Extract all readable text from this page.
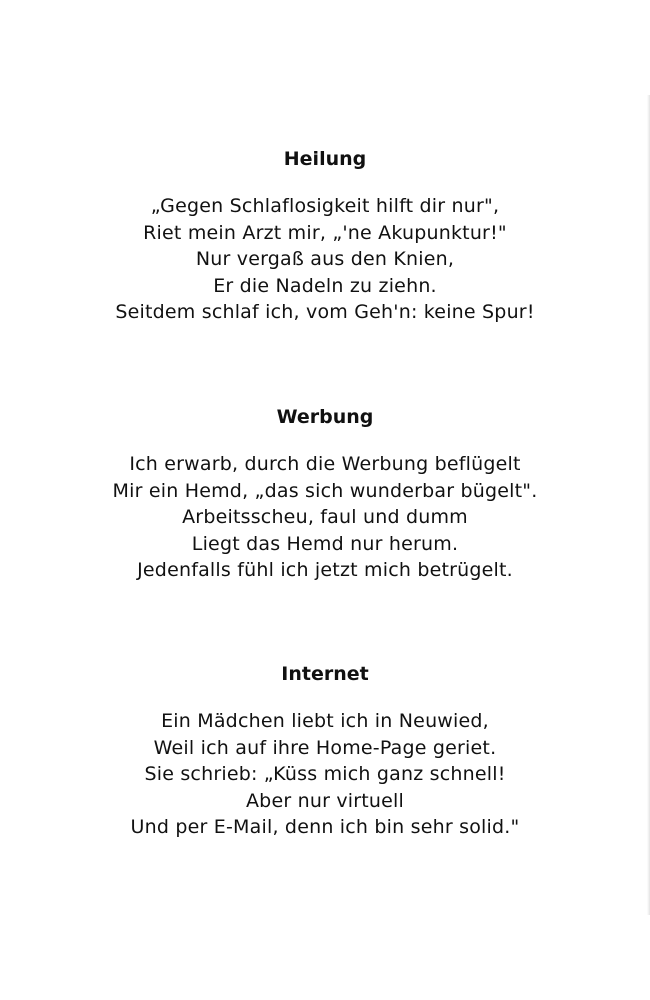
Heilung
„Gegen Schlaflosigkeit hilft dir nur",
Riet mein Arzt mir, „'ne Akupunktur!"
Nur vergaß aus den Knien,
Er die Nadeln zu ziehn.
Seitdem schlaf ich, vom Geh'n: keine Spur!
Werbung
Ich erwarb, durch die Werbung beflügelt
Mir ein Hemd, „das sich wunderbar bügelt".
Arbeitsscheu, faul und dumm
Liegt das Hemd nur herum.
Jedenfalls fühl ich jetzt mich betrügelt.
Internet
Ein Mädchen liebt ich in Neuwied,
Weil ich auf ihre Home-Page geriet.
Sie schrieb: „Küss mich ganz schnell!
Aber nur virtuell
Und per E-Mail, denn ich bin sehr solid."
